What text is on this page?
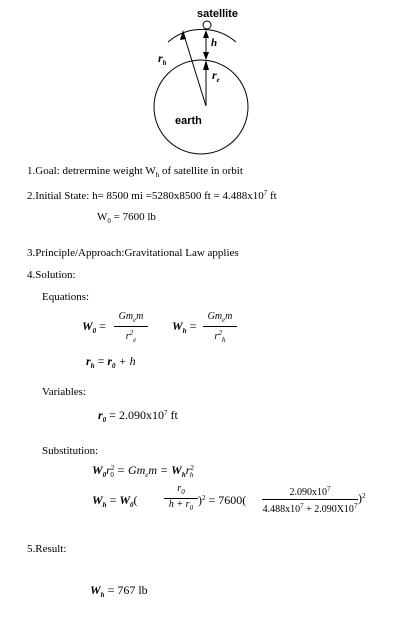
satellite
h
$r_h$
$r_e$
earth
1.Goal: detrermine weight $W_h$ of satellite in orbit
2.Initial State: h= 8500 mi =5280x8500 ft = $4.488x10^7$ ft
$W_0 = 7600$ lb
3.Principle/Approach:Gravitational Law applies
4.Solution:
Equations:
$W_0$ =
$Gm_em$
$r^2_e$
$W_h$ =
$Gm_em$
$r^2_h$
$r_h = r_0 + h$
Variables:
$r_0 = 2.090x10^7$ ft
Substitution:
$W_0r^2_0 = Gm_em = W_hr^2_h$
$W_h = W_0$(	$\frac{r_0}{h + r_0} )^2 = 7600( \frac{2.090x10^7}{4.488x10^7 + 2.090X10^7} )^2$
5.Result:
$W_h = 767$ lb
